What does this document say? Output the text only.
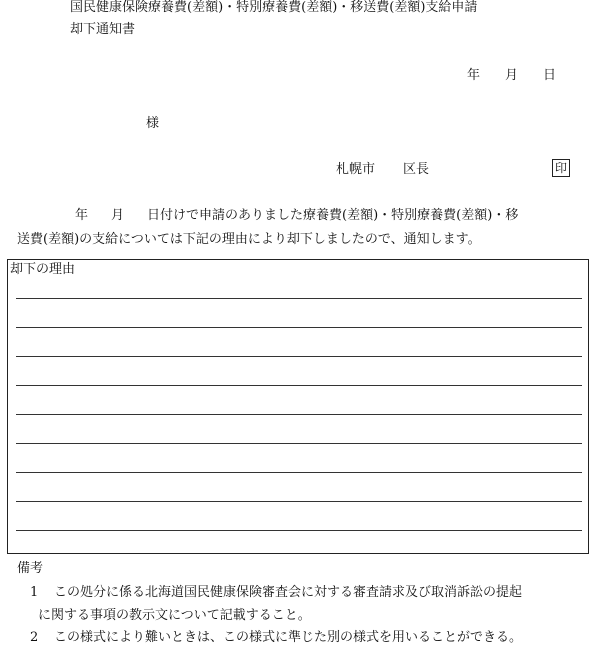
国民健康保険療養費(差額)・特別療養費(差額)・移送費(差額)支給申請
却下通知書
年 月 日
様
札幌市 区長	印
年 月 日付けで申請のありました療養費(差額)・特別療養費(差額)・移
送費(差額)の支給については下記の理由により却下しましたので、通知します。
却下の理由
備考
1 この処分に係る北海道国民健康保険審査会に対する審査請求及び取消訴訟の提起
に関する事項の教示文について記載すること。
2 この様式により難いときは、この様式に準じた別の様式を用いることができる。
